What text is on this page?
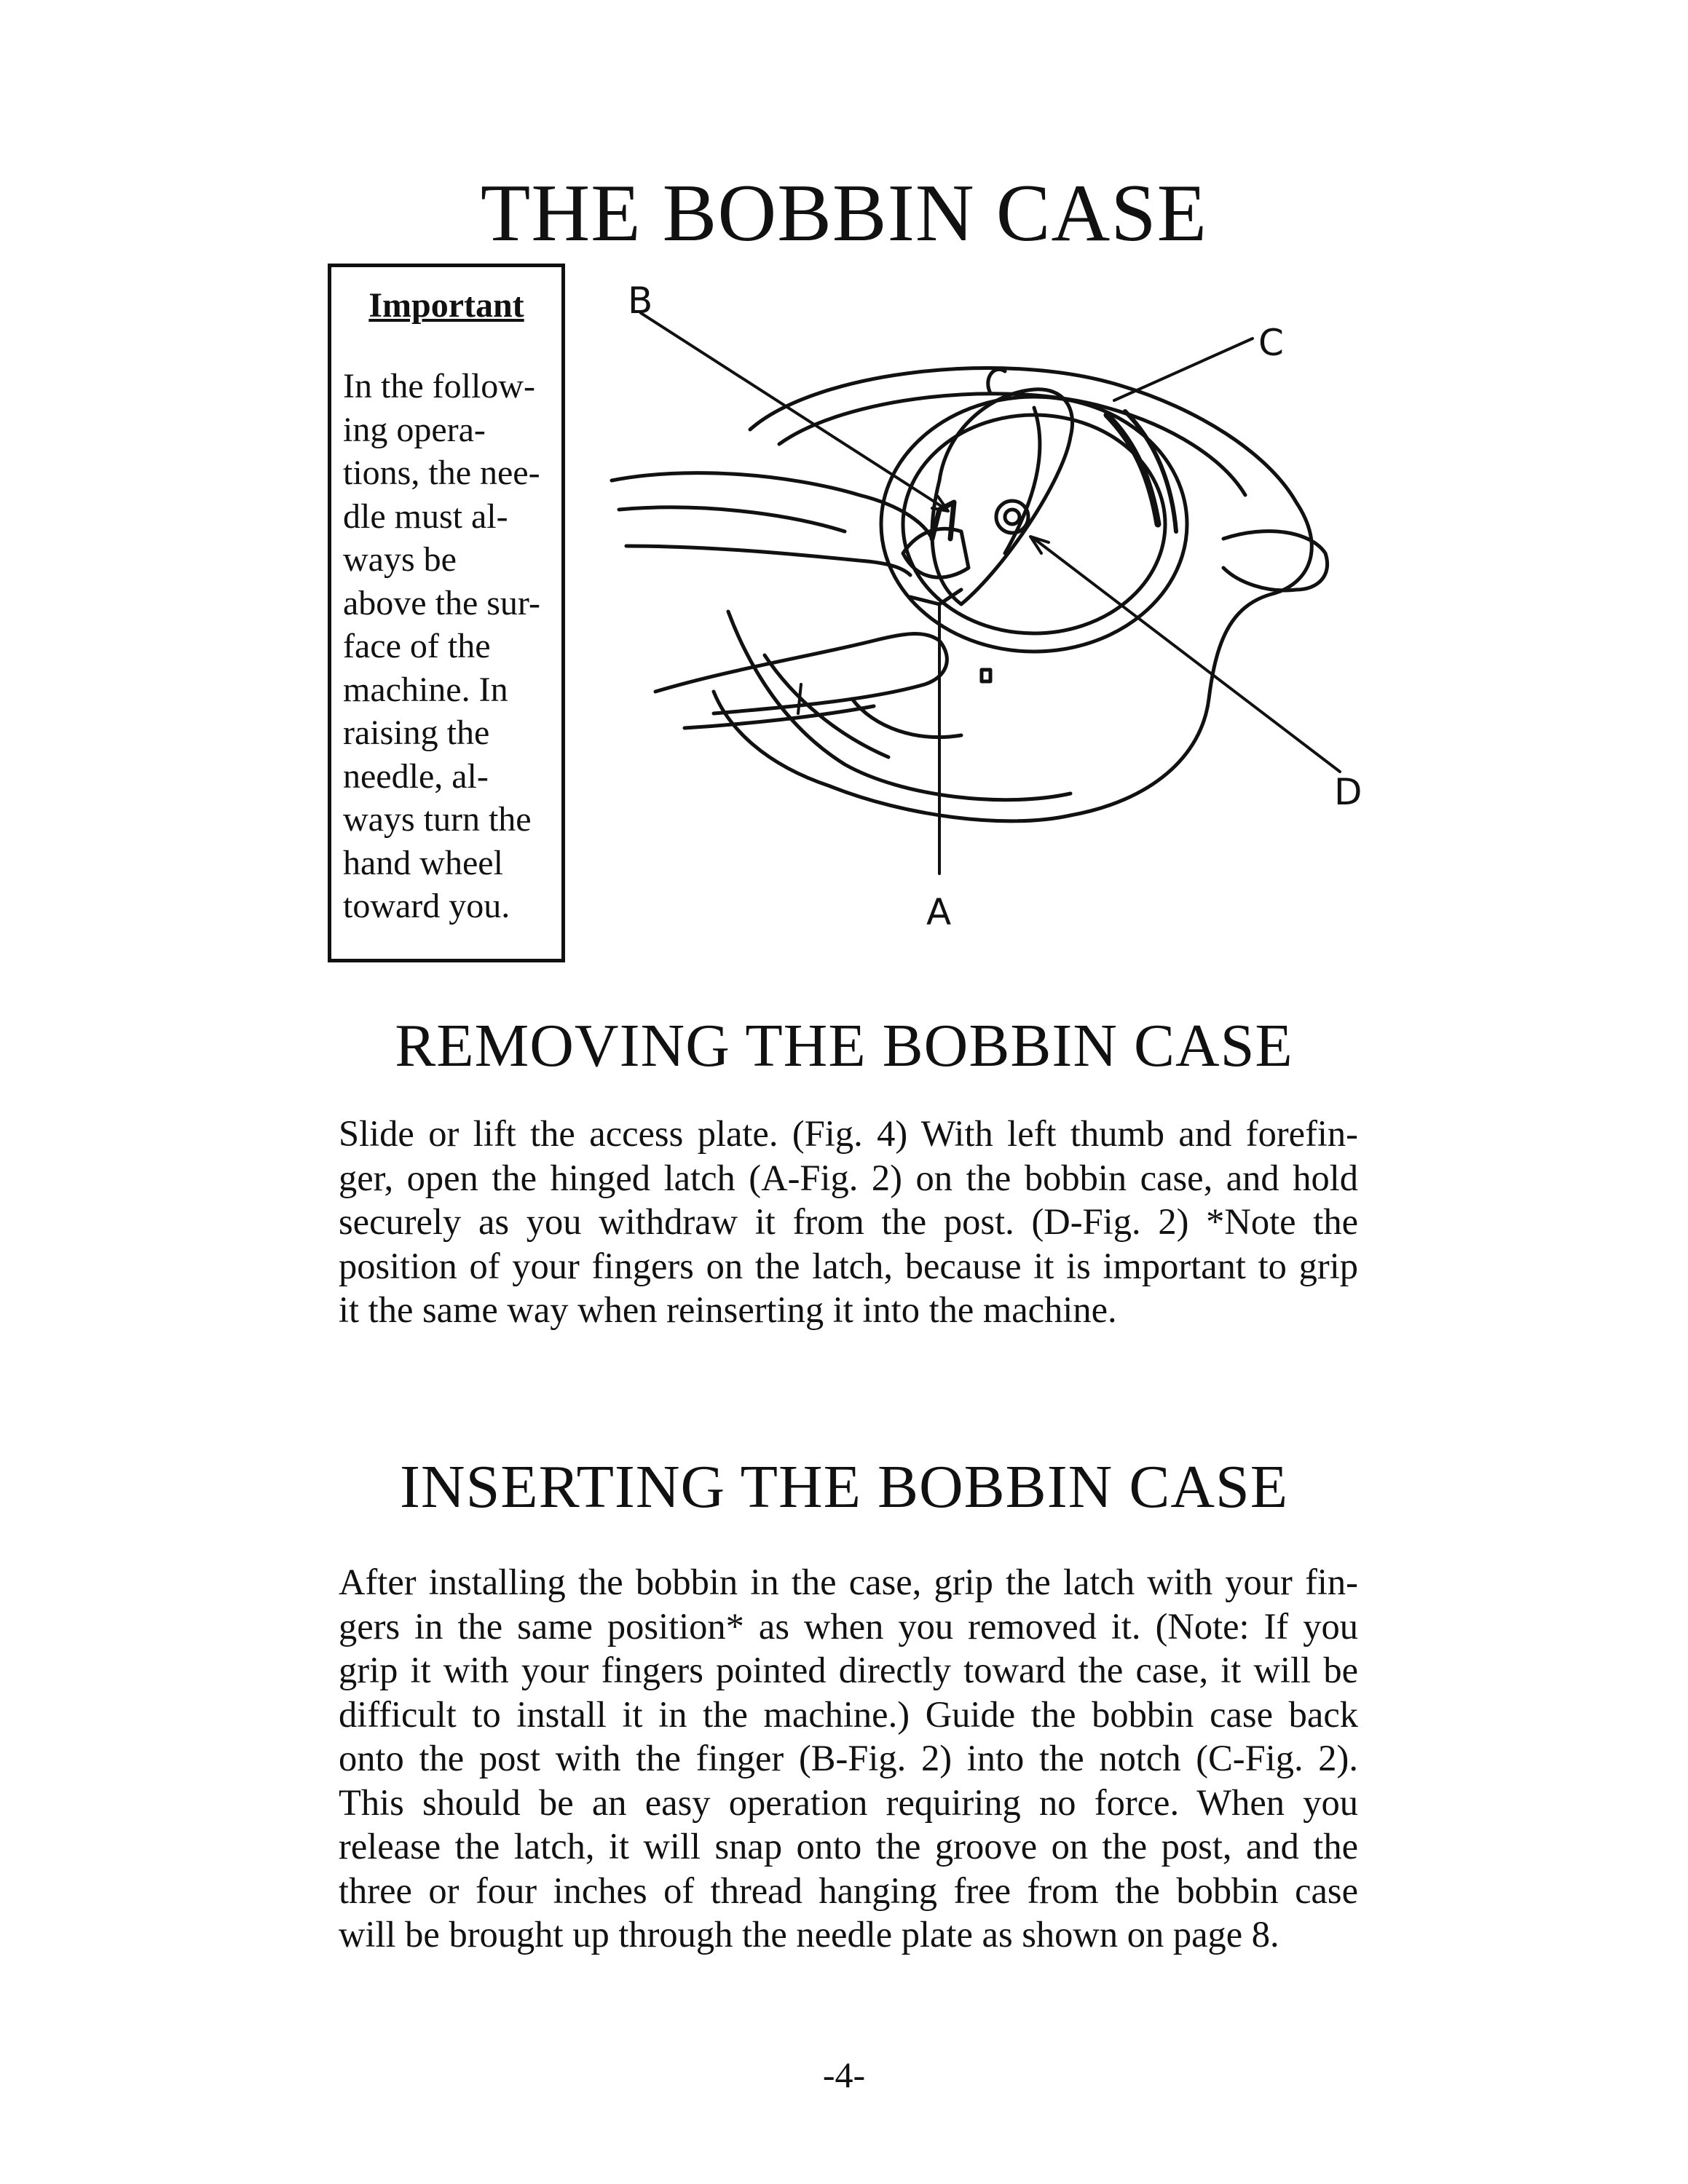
THE BOBBIN CASE
Important
In the follow-
ing opera-
tions, the nee-
dle must al-
ways be
above the sur-
face of the
machine. In
raising the
needle, al-
ways turn the
hand wheel
toward you.
B
C
D
A
REMOVING THE BOBBIN CASE
Slide or lift the access plate. (Fig. 4) With left thumb and forefin-
ger, open the hinged latch (A-Fig. 2) on the bobbin case, and hold
securely as you withdraw it from the post. (D-Fig. 2) *Note the
position of your fingers on the latch, because it is important to grip
it the same way when reinserting it into the machine.
INSERTING THE BOBBIN CASE
After installing the bobbin in the case, grip the latch with your fin-
gers in the same position* as when you removed it. (Note: If you
grip it with your fingers pointed directly toward the case, it will be
difficult to install it in the machine.) Guide the bobbin case back
onto the post with the finger (B-Fig. 2) into the notch (C-Fig. 2).
This should be an easy operation requiring no force. When you
release the latch, it will snap onto the groove on the post, and the
three or four inches of thread hanging free from the bobbin case
will be brought up through the needle plate as shown on page 8.
-4-
